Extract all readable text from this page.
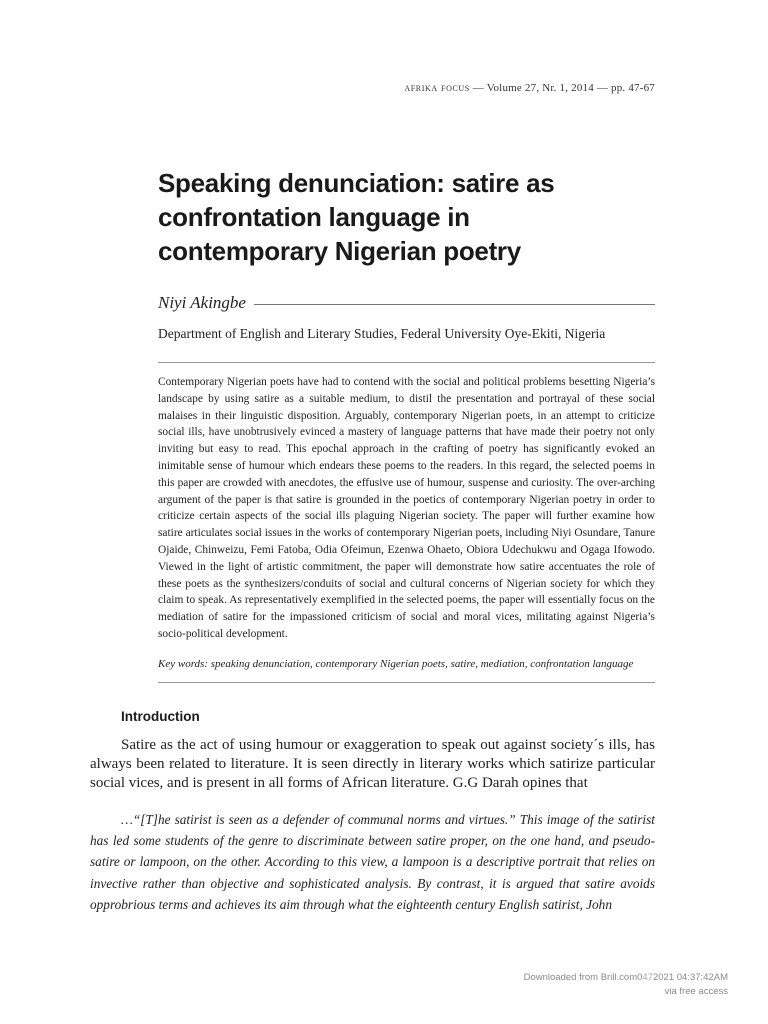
afrika focus — Volume 27, Nr. 1, 2014 — pp. 47-67
Speaking denunciation: satire as confrontation language in contemporary Nigerian poetry
Niyi Akingbe
Department of English and Literary Studies, Federal University Oye-Ekiti, Nigeria

Contemporary Nigerian poets have had to contend with the social and political problems besetting Nigeria’s landscape by using satire as a suitable medium, to distil the presentation and portrayal of these social malaises in their linguistic disposition. Arguably, contemporary Nigerian poets, in an attempt to criticize social ills, have unobtrusively evinced a mastery of language patterns that have made their poetry not only inviting but easy to read. This epochal approach in the crafting of poetry has significantly evoked an inimitable sense of humour which endears these poems to the readers. In this regard, the selected poems in this paper are crowded with anecdotes, the effusive use of humour, suspense and curiosity. The over-arching argument of the paper is that satire is grounded in the poetics of contemporary Nigerian poetry in order to criticize certain aspects of the social ills plaguing Nigerian society. The paper will further examine how satire articulates social issues in the works of contemporary Nigerian poets, including Niyi Osundare, Tanure Ojaide, Chinweizu, Femi Fatoba, Odia Ofeimun, Ezenwa Ohaeto, Obiora Udechukwu and Ogaga Ifowodo. Viewed in the light of artistic commitment, the paper will demonstrate how satire accentuates the role of these poets as the synthesizers/conduits of social and cultural concerns of Nigerian society for which they claim to speak. As representatively exemplified in the selected poems, the paper will essentially focus on the mediation of satire for the impassioned criticism of social and moral vices, militating against Nigeria’s socio-political development.

Key words: speaking denunciation, contemporary Nigerian poets, satire, mediation, confrontation language

Introduction

Satire as the act of using humour or exaggeration to speak out against society´s ills, has always been related to literature. It is seen directly in literary works which satirize particular social vices, and is present in all forms of African literature. G.G Darah opines that

…“[T]he satirist is seen as a defender of communal norms and virtues.” This image of the satirist has led some students of the genre to discriminate between satire proper, on the one hand, and pseudo-satire or lampoon, on the other. According to this view, a lampoon is a descriptive portrait that relies on invective rather than objective and sophisticated analysis. By contrast, it is argued that satire avoids opprobrious terms and achieves its aim through what the eighteenth century English satirist, John

Downloaded from Brill.com0472021 04:37:42AM
via free access
